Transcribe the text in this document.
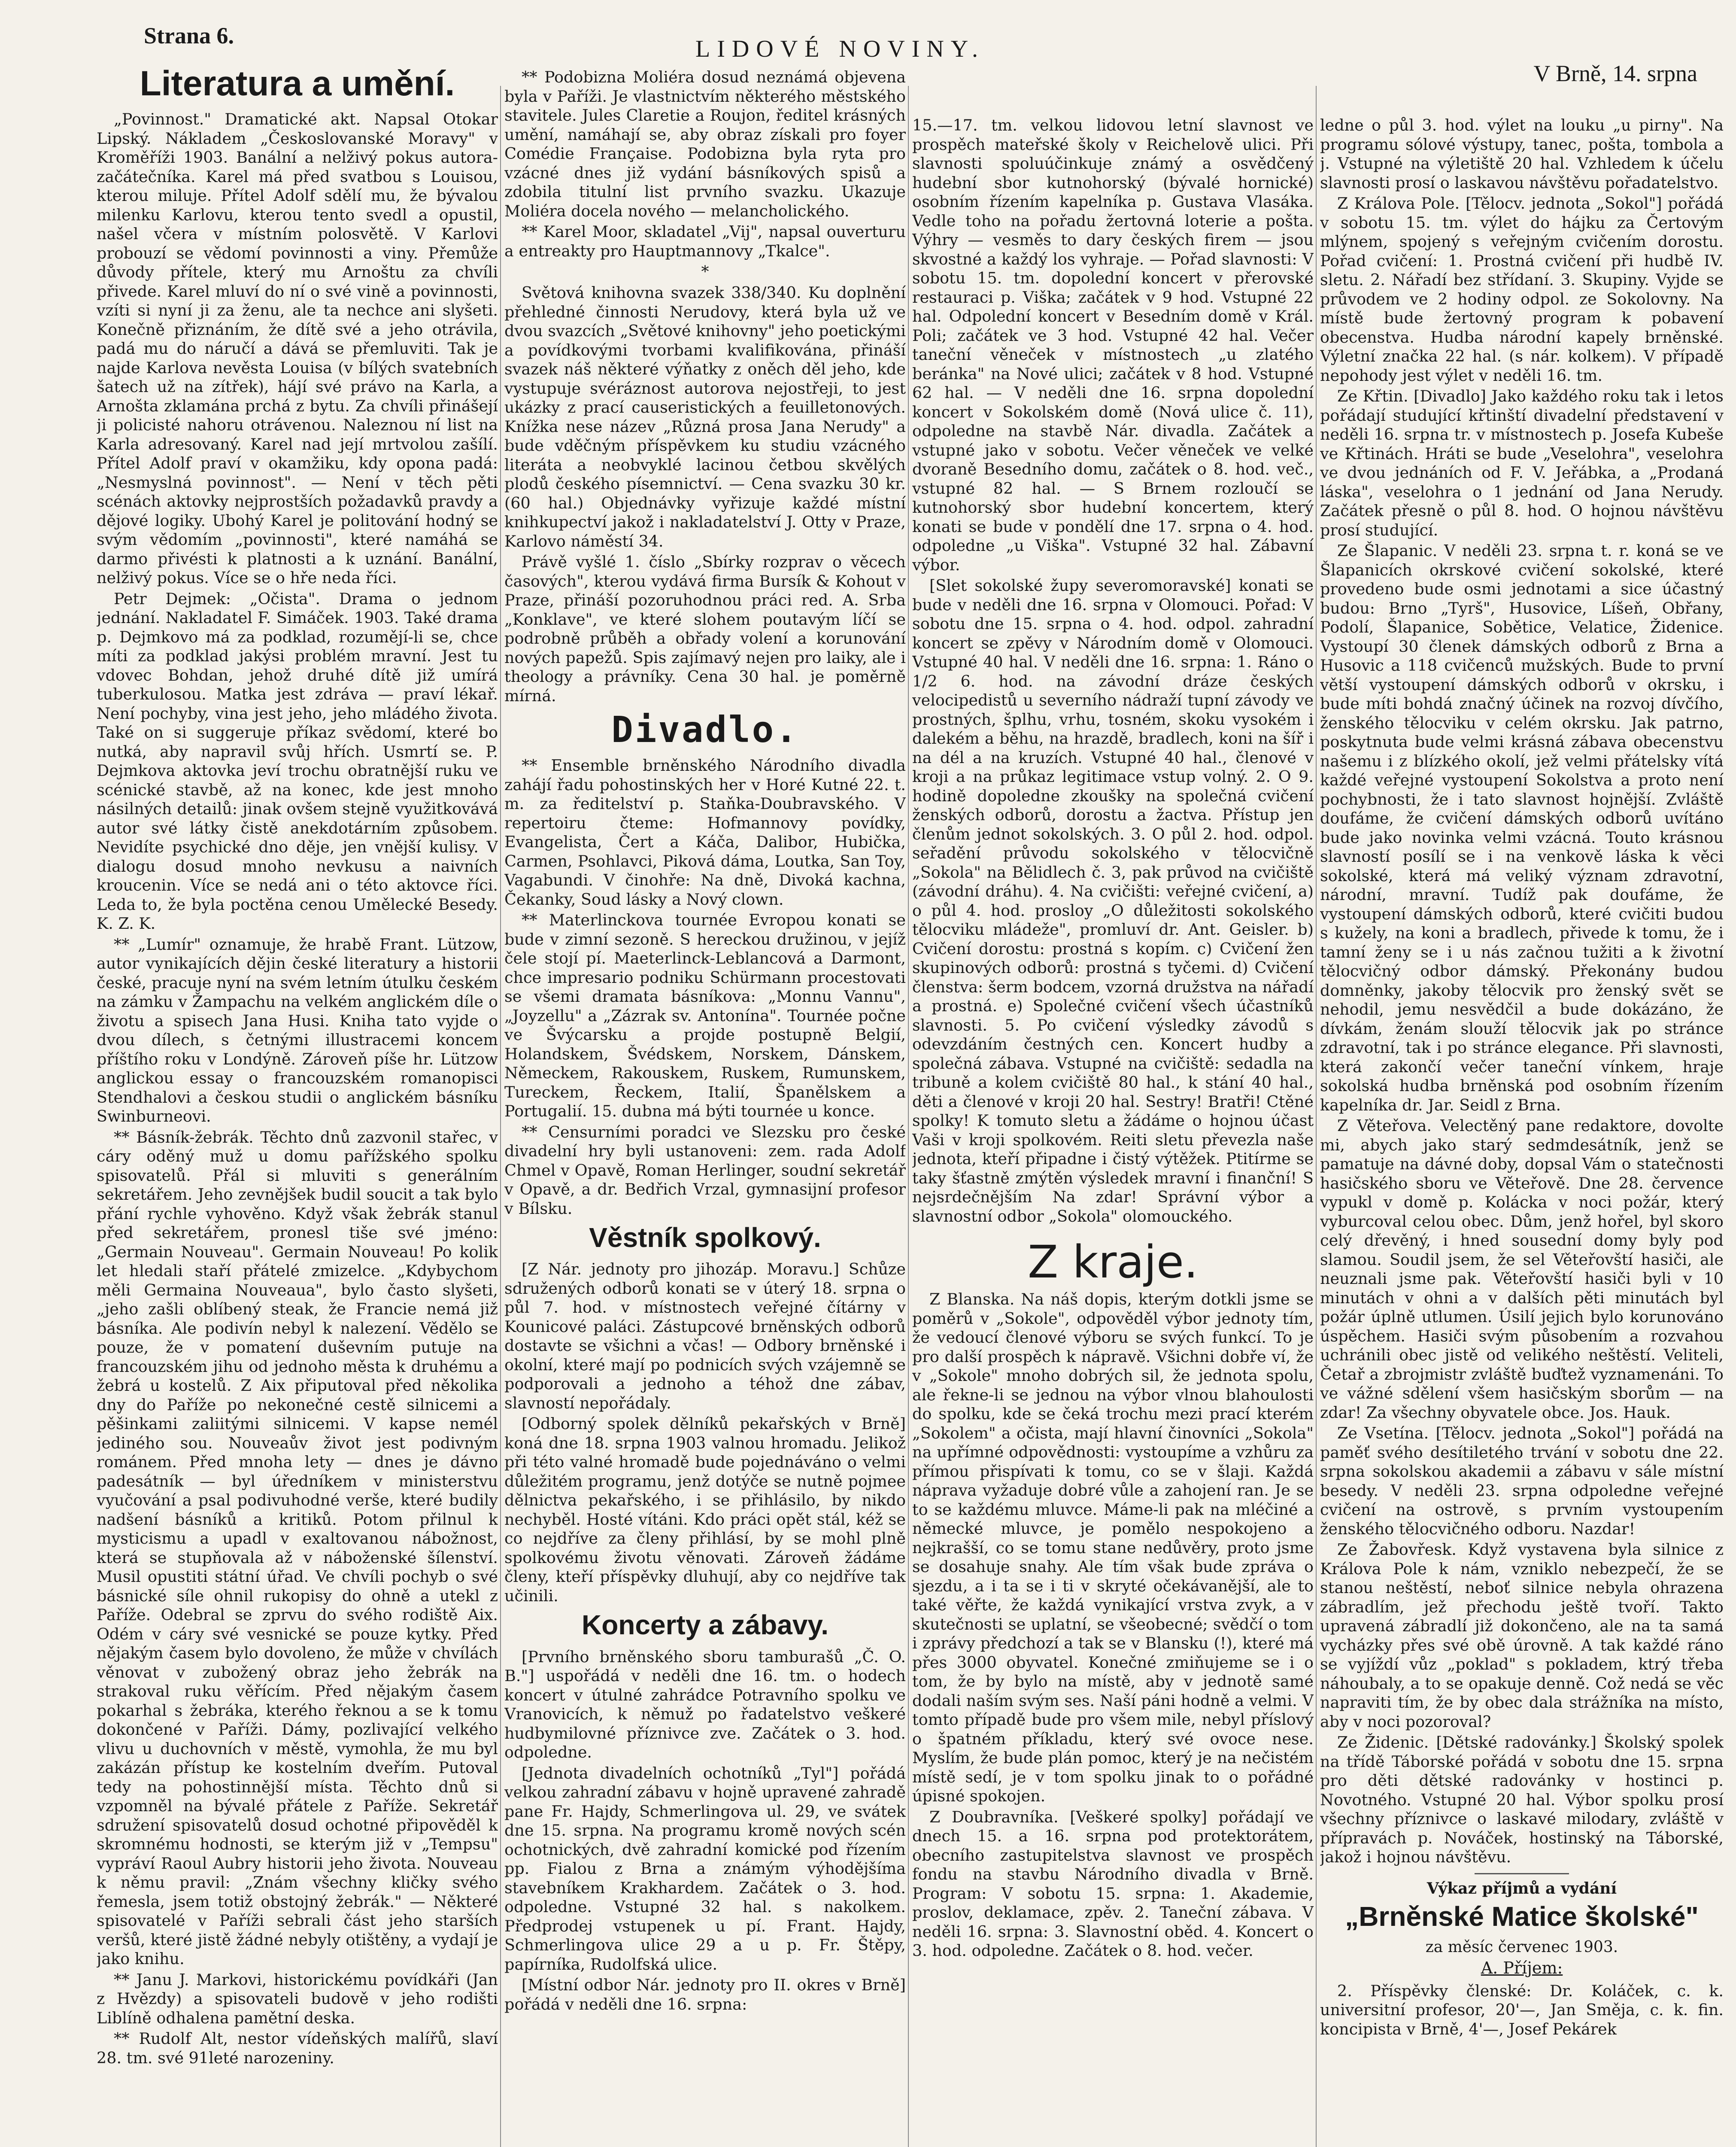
Strana 6.	LIDOVÉ NOVINY.
V Brně, 14. srpna
Literatura a umění.

„Povinnost." Dramatické akt. Napsal Otokar Lipský. Nákladem „Českoslovanské Moravy" v Kroměříži 1903. Banální a nelživý pokus autora-začátečníka. Karel má před svatbou s Louisou, kterou miluje. Přítel Adolf sdělí mu, že bývalou milenku Karlovu, kterou tento svedl a opustil, našel včera v místním polosvětě. V Karlovi probouzí se vědomí povinnosti a viny. Přemůže důvody přítele, který mu Arnoštu za chvíli přivede. Karel mluví do ní o své vině a povinnosti, vzíti si nyní ji za ženu, ale ta nechce ani slyšeti. Konečně přiznáním, že dítě své a jeho otrávila, padá mu do náručí a dává se přemluviti. Tak je najde Karlova nevěsta Louisa (v bílých svatebních šatech už na zítřek), hájí své právo na Karla, a Arnošta zklamána prchá z bytu. Za chvíli přinášejí ji policisté nahoru otrávenou. Naleznou ní list na Karla adresovaný. Karel nad její mrtvolou zašílí. Přítel Adolf praví v okamžiku, kdy opona padá: „Nesmyslná povinnost". — Není v těch pěti scénách aktovky nejprostších požadavků pravdy a dějové logiky. Ubohý Karel je politování hodný se svým vědomím „povinnosti", které namáhá se darmo přivésti k platnosti a k uznání. Banální, nelživý pokus. Více se o hře neda říci.

Petr Dejmek: „Očista". Drama o jednom jednání. Nakladatel F. Simáček. 1903. Také drama p. Dejmkovo má za podklad, rozumějí-li se, chce míti za podklad jakýsi problém mravní. Jest tu vdovec Bohdan, jehož druhé dítě již umírá tuberkulosou. Matka jest zdráva — praví lékař. Není pochyby, vina jest jeho, jeho mládého života. Také on si suggeruje příkaz svědomí, které bo nutká, aby napravil svůj hřích. Usmrtí se. P. Dejmkova aktovka jeví trochu obratnější ruku ve scénické stavbě, až na konec, kde jest mnoho násilných detailů: jinak ovšem stejně využitkovává autor své látky čistě anekdotárním způsobem. Nevidíte psychické dno děje, jen vnější kulisy. V dialogu dosud mnoho nevkusu a naivních kroucenin. Více se nedá ani o této aktovce říci. Leda to, že byla poctěna cenou Umělecké Besedy. K. Z. K.

** „Lumír" oznamuje, že hrabě Frant. Lützow, autor vynikajících dějin české literatury a historii české, pracuje nyní na svém letním útulku českém na zámku v Žampachu na velkém anglickém díle o životu a spisech Jana Husi. Kniha tato vyjde o dvou dílech, s četnými illustracemi koncem příštího roku v Londýně. Zároveň píše hr. Lützow anglickou essay o francouzském romanopisci Stendhalovi a českou studii o anglickém básníku Swinburneovi.

** Básník-žebrák. Těchto dnů zazvonil stařec, v cáry oděný muž u domu pařížského spolku spisovatelů. Přál si mluviti s generálním sekretářem. Jeho zevnějšek budil soucit a tak bylo přání rychle vyhověno. Když však žebrák stanul před sekretářem, pronesl tiše své jméno: „Germain Nouveau". Germain Nouveau! Po kolik let hledali staří přátelé zmizelce. „Kdybychom měli Germaina Nouveaua", bylo často slyšeti, „jeho zašli oblíbený steak, že Francie nemá již básníka. Ale podivín nebyl k nalezení. Vědělo se pouze, že v pomatení duševním putuje na francouzském jihu od jednoho města k druhému a žebrá u kostelů. Z Aix připutoval před několika dny do Paříže po nekonečné cestě silnicemi a pěšinkami zaliitými silnicemi. V kapse nemél jediného sou. Nouveaův život jest podivným románem. Před mnoha lety — dnes je dávno padesátník — byl úředníkem v ministerstvu vyučování a psal podivuhodné verše, které budily nadšení básníků a kritiků. Potom přilnul k mysticismu a upadl v exaltovanou nábožnost, která se stupňovala až v náboženské šílenství. Musil opustiti státní úřad. Ve chvíli pochyb o své básnické síle ohnil rukopisy do ohně a utekl z Paříže. Odebral se zprvu do svého rodiště Aix. Odém v cáry své vesnické se pouze kytky. Před nějakým časem bylo dovoleno, že může v chvílách věnovat v zubožený obraz jeho žebrák na strakoval ruku věřícím. Před nějakým časem pokarhal s žebráka, kterého řeknou a se k tomu dokončené v Paříži. Dámy, pozlivající velkého vlivu u duchovních v městě, vymohla, že mu byl zakázán přístup ke kostelním dveřím. Putoval tedy na pohostinnější místa. Těchto dnů si vzpomněl na bývalé přátele z Paříže. Sekretář sdružení spisovatelů dosud ochotné připověděl k skromnému hodnosti, se kterým již v „Tempsu" vypráví Raoul Aubry historii jeho života. Nouveau k němu pravil: „Znám všechny kličky svého řemesla, jsem totiž obstojný žebrák." — Některé spisovatelé v Paříži sebrali část jeho starších veršů, které jistě žádné nebyly otištěny, a vydají je jako knihu.

** Janu J. Markovi, historickému povídkáři (Jan z Hvězdy) a spisovateli budově v jeho rodišti Liblíně odhalena pamětní deska.

** Rudolf Alt, nestor vídeňských malířů, slaví 28. tm. své 91leté narozeniny.

** Podobizna Moliéra dosud neznámá objevena byla v Paříži. Je vlastnictvím některého městského stavitele. Jules Claretie a Roujon, ředitel krásných umění, namáhají se, aby obraz získali pro foyer Comédie Française. Podobizna byla ryta pro vzácné dnes již vydání básníkových spisů a zdobila titulní list prvního svazku. Ukazuje Moliéra docela nového — melancholického.

** Karel Moor, skladatel „Vij", napsal ouverturu a entreakty pro Hauptmannovy „Tkalce".

*

Světová knihovna svazek 338/340. Ku doplnění přehledné činnosti Nerudovy, která byla už ve dvou svazcích „Světové knihovny" jeho poetickými a povídkovými tvorbami kvalifikována, přináší svazek náš některé výňatky z oněch děl jeho, kde vystupuje svéráznost autorova nejostřeji, to jest ukázky z prací causeristických a feuilletonových. Knížka nese název „Různá prosa Jana Nerudy" a bude vděčným příspěvkem ku studiu vzácného literáta a neobvyklé lacinou četbou skvělých plodů českého písemnictví. — Cena svazku 30 kr. (60 hal.) Objednávky vyřizuje každé místní knihkupectví jakož i nakladatelství J. Otty v Praze, Karlovo náměstí 34.

Právě vyšlé 1. číslo „Sbírky rozprav o věcech časových", kterou vydává firma Bursík & Kohout v Praze, přináší pozoruhodnou práci red. A. Srba „Konklave", ve které slohem poutavým líčí se podrobně průběh a obřady volení a korunování nových papežů. Spis zajímavý nejen pro laiky, ale i theology a právníky. Cena 30 hal. je poměrně mírná.

Divadlo.

** Ensemble brněnského Národního divadla zahájí řadu pohostinských her v Horé Kutné 22. t. m. za ředitelství p. Staňka-Doubravského. V repertoiru čteme: Hofmannovy povídky, Evangelista, Čert a Káča, Dalibor, Hubička, Carmen, Psohlavci, Piková dáma, Loutka, San Toy, Vagabundi. V činohře: Na dně, Divoká kachna, Čekanky, Soud lásky a Nový clown.

** Materlinckova tournée Evropou konati se bude v zimní sezoně. S hereckou družinou, v jejíž čele stojí pí. Maeterlinck-Leblancová a Darmont, chce impresario podniku Schürmann procestovati se všemi dramata básníkova: „Monnu Vannu", „Joyzellu" a „Zázrak sv. Antonína". Tournée počne ve Švýcarsku a projde postupně Belgií, Holandskem, Švédskem, Norskem, Dánskem, Německem, Rakouskem, Ruskem, Rumunskem, Tureckem, Řeckem, Italií, Španělskem a Portugalií. 15. dubna má býti tournée u konce.

** Censurními poradci ve Slezsku pro české divadelní hry byli ustanoveni: zem. rada Adolf Chmel v Opavě, Roman Herlinger, soudní sekretář v Opavě, a dr. Bedřich Vrzal, gymnasijní profesor v Bílsku.

Věstník spolkový.

[Z Nár. jednoty pro jihozáp. Moravu.] Schůze sdružených odborů konati se v úterý 18. srpna o půl 7. hod. v místnostech veřejné čítárny v Kounicové paláci. Zástupcové brněnských odborů dostavte se všichni a včas! — Odbory brněnské i okolní, které mají po podnicích svých vzájemně se podporovali a jednoho a téhož dne zábav, slavností nepořádaly.

[Odborný spolek dělníků pekařských v Brně] koná dne 18. srpna 1903 valnou hromadu. Jelikož při této valné hromadě bude pojednáváno o velmi důležitém programu, jenž dotýče se nutně pojmee dělnictva pekařského, i se přihlásilo, by nikdo nechyběl. Hosté vítáni. Kdo práci opět stál, kéž se co nejdříve za členy přihlásí, by se mohl plně spolkovému životu věnovati. Zároveň žádáme členy, kteří příspěvky dluhují, aby co nejdříve tak učinili.

Koncerty a zábavy.

[Prvního brněnského sboru tamburašů „Č. O. B."] uspořádá v neděli dne 16. tm. o hodech koncert v útulné zahrádce Potravního spolku ve Vranovicích, k němuž po řadatelstvo veškeré hudbymilovné příznivce zve. Začátek o 3. hod. odpoledne.

[Jednota divadelních ochotníků „Tyl"] pořádá velkou zahradní zábavu v hojně upravené zahradě pane Fr. Hajdy, Schmerlingova ul. 29, ve svátek dne 15. srpna. Na programu kromě nových scén ochotnických, dvě zahradní komické pod řízením pp. Fialou z Brna a známým výhodějšíma stavebníkem Krakhardem. Začátek o 3. hod. odpoledne. Vstupné 32 hal. s nakolkem. Předprodej vstupenek u pí. Frant. Hajdy, Schmerlingova ulice 29 a u p. Fr. Štěpy, papírníka, Rudolfská ulice.

[Místní odbor Nár. jednoty pro II. okres v Brně] pořádá v neděli dne 16. srpna:

15.—17. tm. velkou lidovou letní slavnost ve prospěch mateřské školy v Reichelově ulici. Při slavnosti spoluúčinkuje známý a osvědčený hudební sbor kutnohorský (bývalé hornické) osobním řízením kapelníka p. Gustava Vlasáka. Vedle toho na pořadu žertovná loterie a pošta. Výhry — vesměs to dary českých firem — jsou skvostné a každý los vyhraje. — Pořad slavnosti: V sobotu 15. tm. dopolední koncert v přerovské restauraci p. Viška; začátek v 9 hod. Vstupné 22 hal. Odpolední koncert v Besedním domě v Král. Poli; začátek ve 3 hod. Vstupné 42 hal. Večer taneční věneček v místnostech „u zlatého beránka" na Nové ulici; začátek v 8 hod. Vstupné 62 hal. — V neděli dne 16. srpna dopolední koncert v Sokolském domě (Nová ulice č. 11), odpoledne na stavbě Nár. divadla. Začátek a vstupné jako v sobotu. Večer věneček ve velké dvoraně Besedního domu, začátek o 8. hod. več., vstupné 82 hal. — S Brnem rozloučí se kutnohorský sbor hudební koncertem, který konati se bude v pondělí dne 17. srpna o 4. hod. odpoledne „u Viška". Vstupné 32 hal. Zábavní výbor.

[Slet sokolské župy severomoravské] konati se bude v neděli dne 16. srpna v Olomouci. Pořad: V sobotu dne 15. srpna o 4. hod. odpol. zahradní koncert se zpěvy v Národním domě v Olomouci. Vstupné 40 hal. V neděli dne 16. srpna: 1. Ráno o 1/2 6. hod. na závodní dráze českých velocipedistů u severního nádraží tupní závody ve prostných, šplhu, vrhu, tosném, skoku vysokém i dalekém a běhu, na hrazdě, bradlech, koni na šíř i na dél a na kruzích. Vstupné 40 hal., členové v kroji a na průkaz legitimace vstup volný. 2. O 9. hodině dopoledne zkoušky na společná cvičení ženských odborů, dorostu a žactva. Přístup jen členům jednot sokolských. 3. O půl 2. hod. odpol. seřadění průvodu sokolského v tělocvičně „Sokola" na Bělidlech č. 3, pak průvod na cvičiště (závodní dráhu). 4. Na cvičišti: veřejné cvičení, a) o půl 4. hod. prosloy „O důležitosti sokolského tělocviku mládeže", promluví dr. Ant. Geisler. b) Cvičení dorostu: prostná s kopím. c) Cvičení žen skupinových odborů: prostná s tyčemi. d) Cvičení členstva: šerm bodcem, vzorná družstva na nářadí a prostná. e) Společné cvičení všech účastníků slavnosti. 5. Po cvičení výsledky závodů s odevzdáním čestných cen. Koncert hudby a společná zábava. Vstupné na cvičiště: sedadla na tribuně a kolem cvičiště 80 hal., k stání 40 hal., děti a členové v kroji 20 hal. Sestry! Bratři! Ctěné spolky! K tomuto sletu a žádáme o hojnou účast Vaši v kroji spolkovém. Reiti sletu převezla naše jednota, kteří připadne i čistý výtěžek. Ptitírme se taky šťastně zmýtěn výsledek mravní i finanční! S nejsrdečnějším Na zdar! Správní výbor a slavnostní odbor „Sokola" olomouckého.

Z kraje.

Z Blanska. Na náš dopis, kterým dotkli jsme se poměrů v „Sokole", odpověděl výbor jednoty tím, že vedoucí členové výboru se svých funkcí. To je pro další prospěch k nápravě. Všichni dobře ví, že v „Sokole" mnoho dobrých sil, že jednota spolu, ale řekne-li se jednou na výbor vlnou blahoulosti do spolku, kde se čeká trochu mezi prací kterém „Sokolem" a očista, mají hlavní činovníci „Sokola" na upřímné odpovědnosti: vystoupíme a vzhůru za přímou přispívati k tomu, co se v šlaji. Každá náprava vyžaduje dobré vůle a zahojení ran. Je se to se každému mluvce. Máme-li pak na mléčiné a německé mluvce, je pomělo nespokojeno a nejkrašší, co se tomu stane nedůvěry, proto jsme se dosahuje snahy. Ale tím však bude zpráva o sjezdu, a i ta se i ti v skryté očekávanější, ale to také věřte, že každá vynikající vrstva zvyk, a v skutečnosti se uplatní, se všeobecné; svědčí o tom i zprávy předchozí a tak se v Blansku (!), které má přes 3000 obyvatel. Konečné zmiňujeme se i o tom, že by bylo na místě, aby v jednotě samé dodali naším svým ses. Naší páni hodně a velmi. V tomto případě bude pro všem mile, nebyl příslový o špatném příkladu, který své ovoce nese. Myslím, že bude plán pomoc, který je na nečistém místě sedí, je v tom spolku jinak to o pořádné úpisné spokojen.

Z Doubravníka. [Veškeré spolky] pořádají ve dnech 15. a 16. srpna pod protektorátem, obecního zastupitelstva slavnost ve prospěch fondu na stavbu Národního divadla v Brně. Program: V sobotu 15. srpna: 1. Akademie, proslov, deklamace, zpěv. 2. Taneční zábava. V neděli 16. srpna: 3. Slavnostní oběd. 4. Koncert o 3. hod. odpoledne. Začátek o 8. hod. večer.

ledne o půl 3. hod. výlet na louku „u pirny". Na programu sólové výstupy, tanec, pošta, tombola a j. Vstupné na výletiště 20 hal. Vzhledem k účelu slavnosti prosí o laskavou návštěvu pořadatelstvo.

Z Králova Pole. [Tělocv. jednota „Sokol"] pořádá v sobotu 15. tm. výlet do hájku za Čertovým mlýnem, spojený s veřejným cvičením dorostu. Pořad cvičení: 1. Prostná cvičení při hudbě IV. sletu. 2. Nářadí bez střídaní. 3. Skupiny. Vyjde se průvodem ve 2 hodiny odpol. ze Sokolovny. Na místě bude žertovný program k pobavení obecenstva. Hudba národní kapely brněnské. Výletní značka 22 hal. (s nár. kolkem). V případě nepohody jest výlet v neděli 16. tm.

Ze Křtin. [Divadlo] Jako každého roku tak i letos pořádají studující křtinští divadelní představení v neděli 16. srpna tr. v místnostech p. Josefa Kubeše ve Křtinách. Hráti se bude „Veselohra", veselohra ve dvou jednáních od F. V. Jeřábka, a „Prodaná láska", veselohra o 1 jednání od Jana Nerudy. Začátek přesně o půl 8. hod. O hojnou návštěvu prosí studující.

Ze Šlapanic. V neděli 23. srpna t. r. koná se ve Šlapanicích okrskové cvičení sokolské, které provedeno bude osmi jednotami a sice účastný budou: Brno „Tyrš", Husovice, Líšeň, Obřany, Podolí, Šlapanice, Sobětice, Velatice, Židenice. Vystoupí 30 členek dámských odborů z Brna a Husovic a 118 cvičenců mužských. Bude to první větší vystoupení dámských odborů v okrsku, i bude míti bohdá značný účinek na rozvoj dívčího, ženského tělocviku v celém okrsku. Jak patrno, poskytnuta bude velmi krásná zábava obecenstvu našemu i z blízkého okolí, jež velmi přátelsky vítá každé veřejné vystoupení Sokolstva a proto není pochybnosti, že i tato slavnost hojnější. Zvláště doufáme, že cvičení dámských odborů uvítáno bude jako novinka velmi vzácná. Touto krásnou slavností posílí se i na venkově láska k věci sokolské, která má veliký význam zdravotní, národní, mravní. Tudíž pak doufáme, že vystoupení dámských odborů, které cvičiti budou s kužely, na koni a bradlech, přivede k tomu, že i tamní ženy se i u nás začnou tužiti a k životní tělocvičný odbor dámský. Překonány budou domněnky, jakoby tělocvik pro ženský svět se nehodil, jemu nesvědčil a bude dokázáno, že dívkám, ženám slouží tělocvik jak po stránce zdravotní, tak i po stránce elegance. Při slavnosti, která zakončí večer taneční vínkem, hraje sokolská hudba brněnská pod osobním řízením kapelníka dr. Jar. Seidl z Brna.

Z Věteřova. Velectěný pane redaktore, dovolte mi, abych jako starý sedmdesátník, jenž se pamatuje na dávné doby, dopsal Vám o statečnosti hasičského sboru ve Věteřově. Dne 28. července vypukl v domě p. Kolácka v noci požár, který vyburcoval celou obec. Dům, jenž hořel, byl skoro celý dřevěný, i hned sousední domy byly pod slamou. Soudil jsem, že sel Věteřovští hasiči, ale neuznali jsme pak. Věteřovští hasiči byli v 10 minutách v ohni a v dalších pěti minutách byl požár úplně utlumen. Úsilí jejich bylo korunováno úspěchem. Hasiči svým působením a rozvahou uchránili obec jistě od velikého neštěstí. Veliteli, Četař a zbrojmistr zvláště buďtež vyznamenáni. To ve vážné sdělení všem hasičským sborům — na zdar! Za všechny obyvatele obce. Jos. Hauk.

Ze Vsetína. [Tělocv. jednota „Sokol"] pořádá na paměť svého desítiletého trvání v sobotu dne 22. srpna sokolskou akademii a zábavu v sále místní besedy. V neděli 23. srpna odpoledne veřejné cvičení na ostrově, s prvním vystoupením ženského tělocvičného odboru. Nazdar!

Ze Žabovřesk. Když vystavena byla silnice z Králova Pole k nám, vzniklo nebezpečí, že se stanou neštěstí, neboť silnice nebyla ohrazena zábradlím, jež přechodu ještě tvoří. Takto upravená zábradlí již dokončeno, ale na ta samá vycházky přes své obě úrovně. A tak každé ráno se vyjíždí vůz „poklad" s pokladem, ktrý třeba náhoubaly, a to se opakuje denně. Což nedá se věc napraviti tím, že by obec dala strážníka na místo, aby v noci pozoroval?

Ze Židenic. [Dětské radovánky.] Školský spolek na třídě Táborské pořádá v sobotu dne 15. srpna pro děti dětské radovánky v hostinci p. Novotného. Vstupné 20 hal. Výbor spolku prosí všechny příznivce o laskavé milodary, zvláště v přípravách p. Nováček, hostinský na Táborské, jakož i hojnou návštěvu.

Výkaz příjmů a vydání
„Brněnské Matice školské"
za měsíc červenec 1903.
A. Příjem:

2. Příspěvky členské: Dr. Koláček, c. k. universitní profesor, 20'—, Jan Směja, c. k. fin. koncipista v Brně, 4'—, Josef Pekárek
